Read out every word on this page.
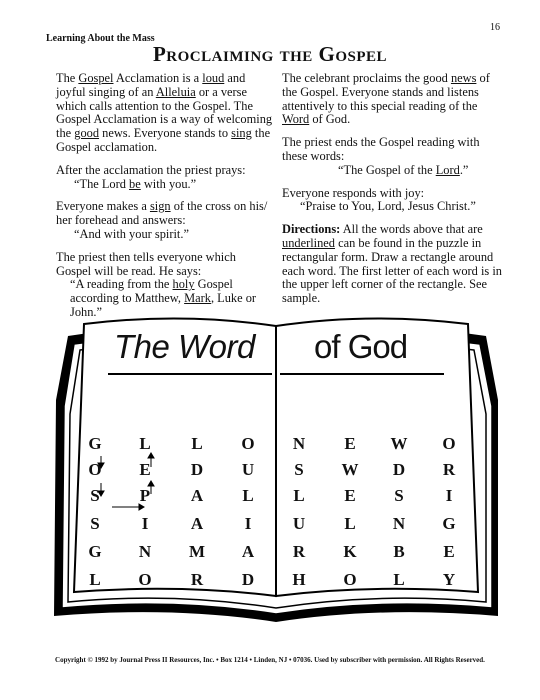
16
Learning About the Mass
Proclaiming the Gospel

The Gospel Acclamation is a loud and joyful singing of an Alleluia or a verse which calls attention to the Gospel. The Gospel Acclamation is a way of welcoming the good news. Everyone stands to sing the Gospel acclamation.

After the acclamation the priest prays:
“The Lord be with you.”

Everyone makes a sign of the cross on his/ her forehead and answers:
“And with your spirit.”

The priest then tells everyone which Gospel will be read. He says:
“A reading from the holy Gospel according to Matthew, Mark, Luke or John.”

The celebrant proclaims the good news of the Gospel. Everyone stands and listens attentively to this special reading of the Word of God.

The priest ends the Gospel reading with these words:
“The Gospel of the Lord.”

Everyone responds with joy:
“Praise to You, Lord, Jesus Christ.”

Directions: All the words above that are underlined can be found in the puzzle in rectangular form. Draw a rectangle around each word. The first letter of each word is in the upper left corner of the rectangle. See sample.

The Word of God
G	L	L	O	N	E	W	O
O	E	D	U	S	W	D	R
S	P	A	L	L	E	S	I
S	I	A	I	U	L	N	G
G	N	M	A	R	K	B	E
L	O	R	D	H	O	L	Y
Copyright © 1992 by Journal Press II Resources, Inc. • Box 1214 • Linden, NJ • 07036. Used by subscriber with permission. All Rights Reserved.
